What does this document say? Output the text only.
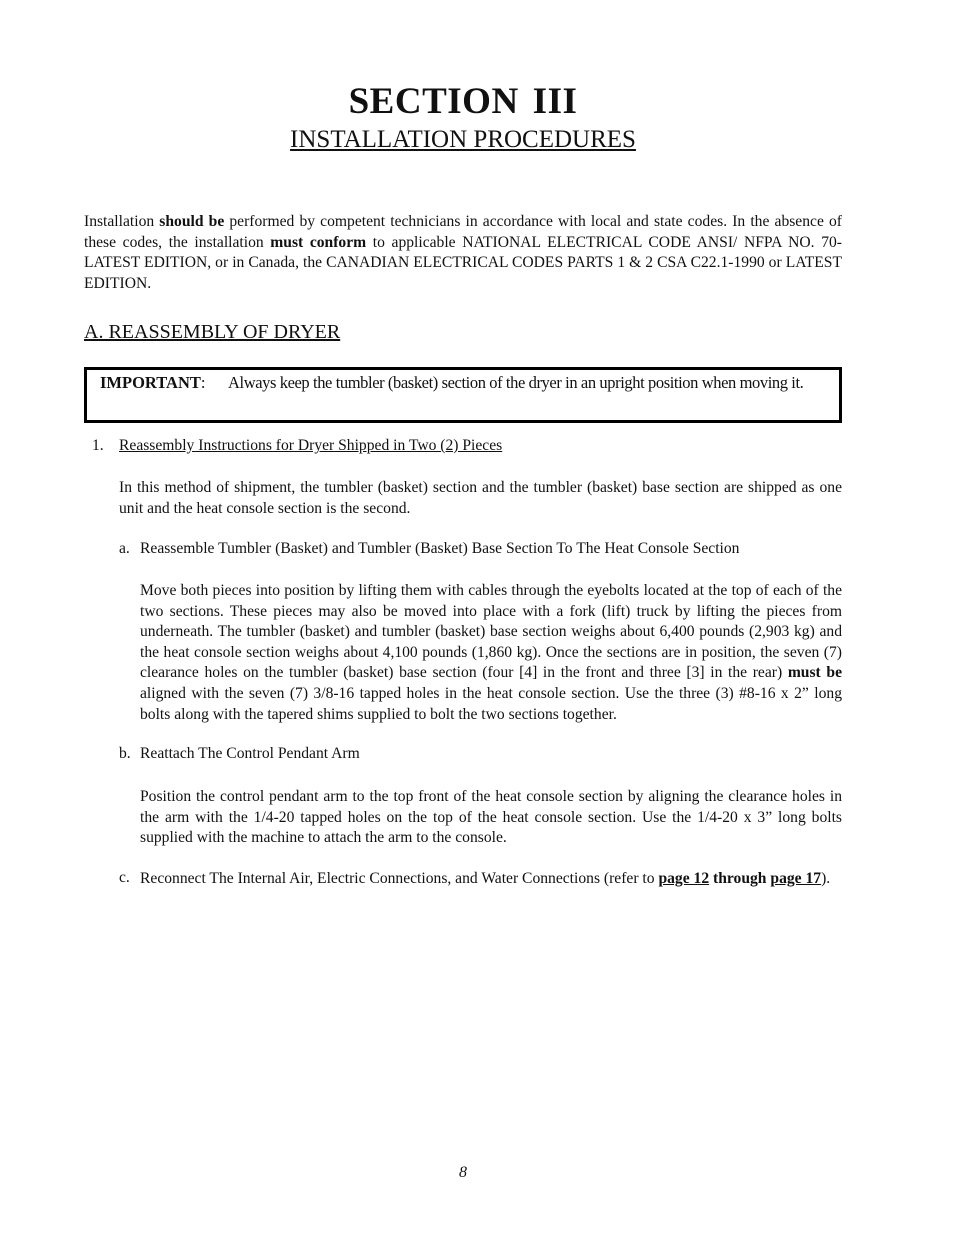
SECTION III
INSTALLATION PROCEDURES

Installation should be performed by competent technicians in accordance with local and state codes. In the absence of these codes, the installation must conform to applicable NATIONAL ELECTRICAL CODE ANSI/ NFPA NO. 70-LATEST EDITION, or in Canada, the CANADIAN ELECTRICAL CODES PARTS 1 & 2 CSA C22.1-1990 or LATEST EDITION.

A. REASSEMBLY OF DRYER
IMPORTANT: Always keep the tumbler (basket) section of the dryer in an upright position when moving it.
1. Reassembly Instructions for Dryer Shipped in Two (2) Pieces

In this method of shipment, the tumbler (basket) section and the tumbler (basket) base section are shipped as one unit and the heat console section is the second.

a. Reassemble Tumbler (Basket) and Tumbler (Basket) Base Section To The Heat Console Section

Move both pieces into position by lifting them with cables through the eyebolts located at the top of each of the two sections. These pieces may also be moved into place with a fork (lift) truck by lifting the pieces from underneath. The tumbler (basket) and tumbler (basket) base section weighs about 6,400 pounds (2,903 kg) and the heat console section weighs about 4,100 pounds (1,860 kg). Once the sections are in position, the seven (7) clearance holes on the tumbler (basket) base section (four [4] in the front and three [3] in the rear) must be aligned with the seven (7) 3/8-16 tapped holes in the heat console section. Use the three (3) #8-16 x 2” long bolts along with the tapered shims supplied to bolt the two sections together.

b. Reattach The Control Pendant Arm

Position the control pendant arm to the top front of the heat console section by aligning the clearance holes in the arm with the 1/4-20 tapped holes on the top of the heat console section. Use the 1/4-20 x 3” long bolts supplied with the machine to attach the arm to the console.

c. Reconnect The Internal Air, Electric Connections, and Water Connections (refer to page 12 through page 17).

8
